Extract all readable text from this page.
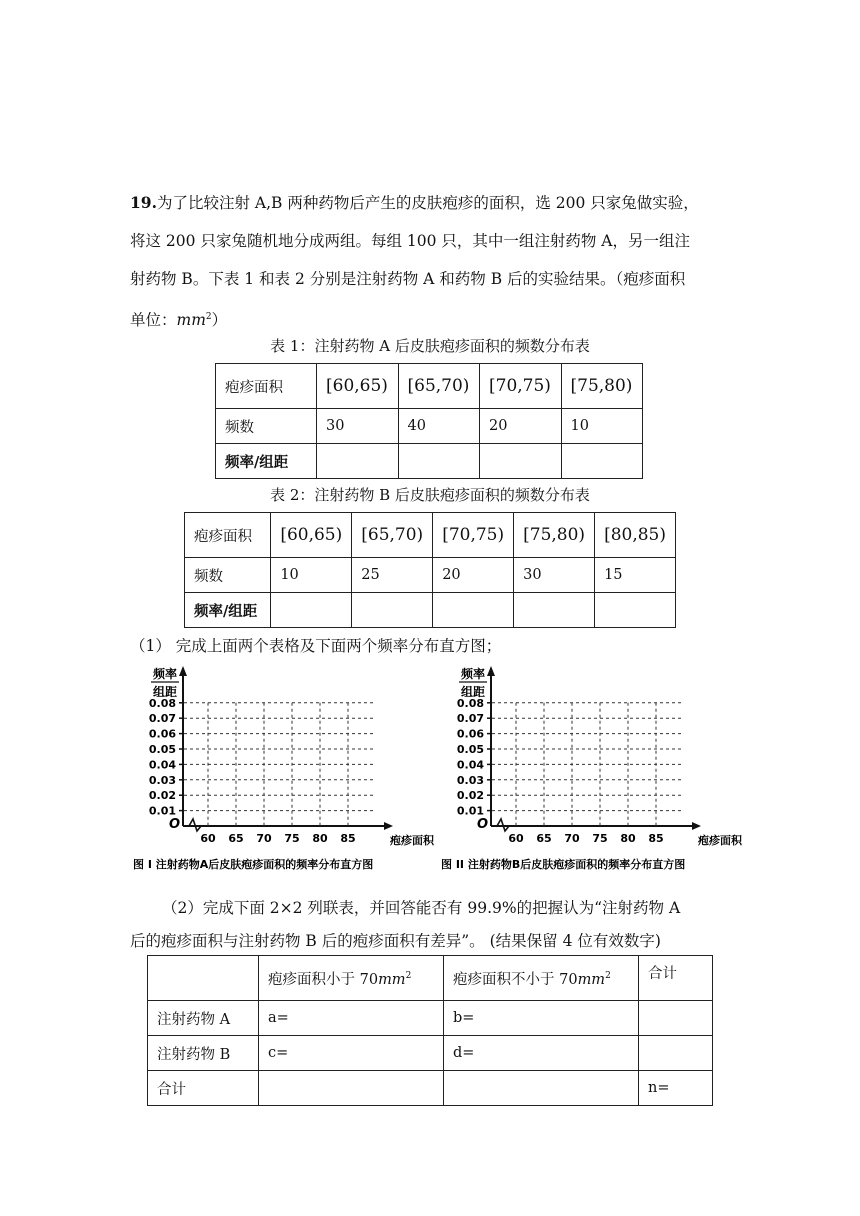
19.为了比较注射 A,B 两种药物后产生的皮肤疱疹的面积，选 200 只家兔做实验，
将这 200 只家兔随机地分成两组。每组 100 只，其中一组注射药物 A，另一组注
射药物 B。下表 1 和表 2 分别是注射药物 A 和药物 B 后的实验结果。（疱疹面积
单位：$mm^2$）
表 1：注射药物 A 后皮肤疱疹面积的频数分布表
疱疹面积	[60,65)	[65,70)	[70,75)	[75,80)
频数	30	40	20	10
频率/组距				
表 2：注射药物 B 后皮肤疱疹面积的频数分布表
疱疹面积	[60,65)	[65,70)	[70,75)	[75,80)	[80,85)
频数	10	25	20	30	15
频率/组距					
（1） 完成上面两个表格及下面两个频率分布直方图；
0.01
0.02
0.03
0.04
0.05
0.06
0.07
0.08
60 65 70 75 80 85
频率
组距
O
疱疹面积
图 I 注射药物A后皮肤疱疹面积的频率分布直方图
0.01
0.02
0.03
0.04
0.05
0.06
0.07
0.08
60 65 70 75 80 85
频率
组距
O
疱疹面积
图 II 注射药物B后皮肤疱疹面积的频率分布直方图
（2）完成下面 2×2 列联表，并回答能否有 99.9%的把握认为“注射药物 A
后的疱疹面积与注射药物 B 后的疱疹面积有差异”。 (结果保留 4 位有效数字)
	疱疹面积小于 $70mm^2$	疱疹面积不小于 $70mm^2$	合计
注射药物 A	a=	b=	
注射药物 B	c=	d=	
合计			n=
